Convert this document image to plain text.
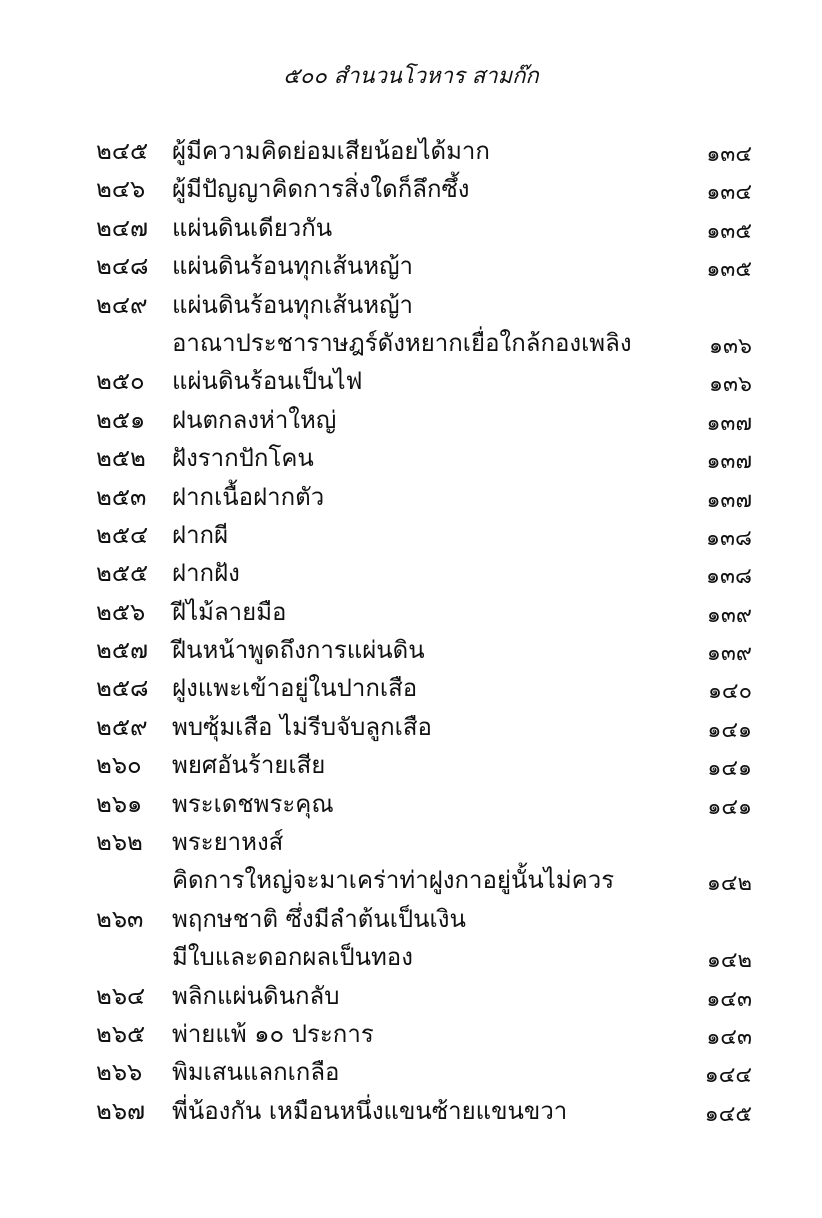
๕๐๐ สำนวนโวหาร สามก๊ก
๒๔๕ ผู้มีความคิดย่อมเสียน้อยได้มาก	๑๓๔
๒๔๖	ผู้มีปัญญาคิดการสิ่งใดก็ลึกซึ้ง	๑๓๔
๒๔๗ แผ่นดินเดียวกัน	๑๓๕
๒๔๘ แผ่นดินร้อนทุกเส้นหญ้า	๑๓๕
๒๔๙	แผ่นดินร้อนทุกเส้นหญ้า
อาณาประชาราษฎร์ดังหยากเยื่อใกล้กองเพลิง	๑๓๖
๒๕๐	แผ่นดินร้อนเป็นไฟ	๑๓๖
๒๕๑	ฝนตกลงห่าใหญ่	๑๓๗
๒๕๒	ฝังรากปักโคน	๑๓๗
๒๕๓	ฝากเนื้อฝากตัว	๑๓๗
๒๕๔ ฝากผี	๑๓๘
๒๕๕ ฝากฝัง	๑๓๘
๒๕๖	ฝีไม้ลายมือ	๑๓๙
๒๕๗ ฝีนหน้าพูดถึงการแผ่นดิน	๑๓๙
๒๕๘ ฝูงแพะเข้าอยู่ในปากเสือ	๑๔๐
๒๕๙	พบซุ้มเสือ ไม่รีบจับลูกเสือ	๑๔๑
๒๖๐	พยศอันร้ายเสีย	๑๔๑
๒๖๑	พระเดชพระคุณ	๑๔๑
๒๖๒	พระยาหงส์
คิดการใหญ่จะมาเคร่าท่าฝูงกาอยู่นั้นไม่ควร	๑๔๒
๒๖๓	พฤกษชาติ ซึ่งมีลำต้นเป็นเงิน
มีใบและดอกผลเป็นทอง	๑๔๒
๒๖๔	พลิกแผ่นดินกลับ	๑๔๓
๒๖๕	พ่ายแพ้ ๑๐ ประการ	๑๔๓
๒๖๖	พิมเสนแลกเกลือ	๑๔๔
๒๖๗	พี่น้องกัน เหมือนหนึ่งแขนซ้ายแขนขวา	๑๔๕
